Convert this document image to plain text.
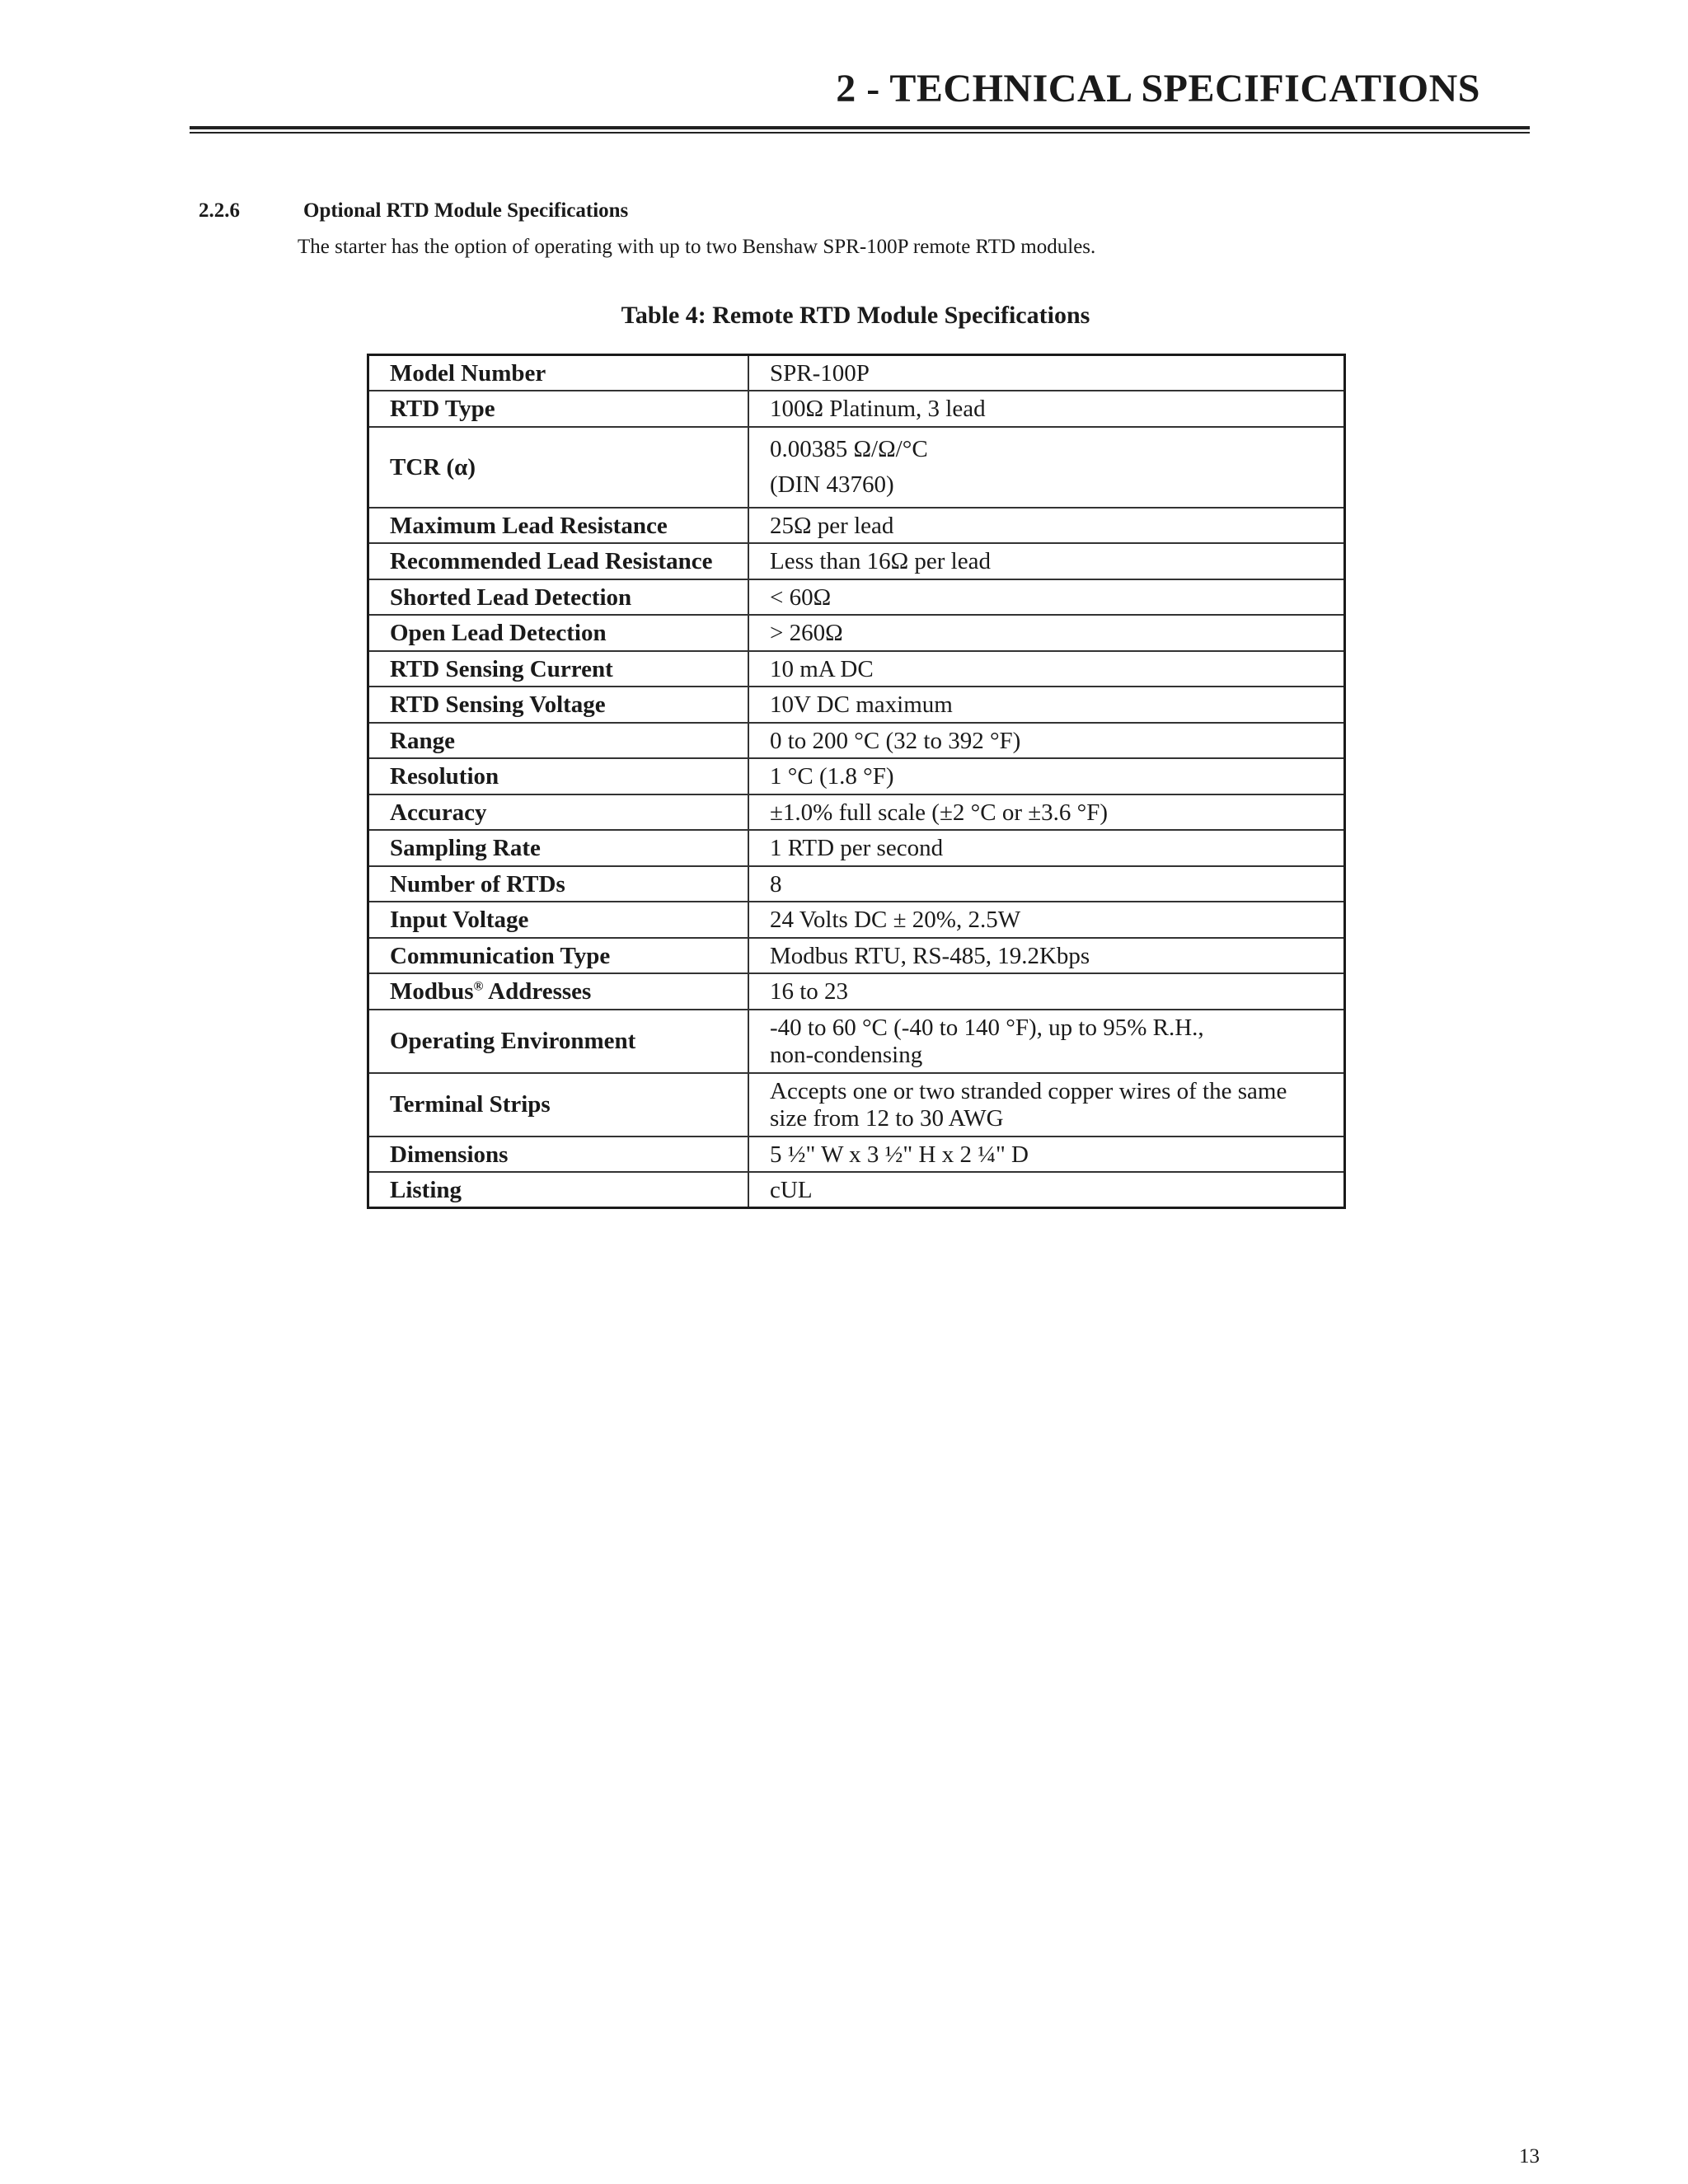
2 - TECHNICAL SPECIFICATIONS
2.2.6	Optional RTD Module Specifications

The starter has the option of operating with up to two Benshaw SPR-100P remote RTD modules.

Table 4: Remote RTD Module Specifications
Model Number	SPR-100P
RTD Type	100Ω Platinum, 3 lead
TCR (α)	0.00385 Ω/Ω/°C
(DIN 43760)

Maximum Lead Resistance	25Ω per lead
Recommended Lead Resistance	Less than 16Ω per lead
Shorted Lead Detection	< 60Ω
Open Lead Detection	> 260Ω
RTD Sensing Current	10 mA DC
RTD Sensing Voltage	10V DC maximum
Range	0 to 200 °C (32 to 392 °F)
Resolution	1 °C (1.8 °F)
Accuracy	±1.0% full scale (±2 °C or ±3.6 °F)
Sampling Rate	1 RTD per second
Number of RTDs	8
Input Voltage	24 Volts DC ± 20%, 2.5W
Communication Type	Modbus RTU, RS-485, 19.2Kbps
Modbus® Addresses	16 to 23
Operating Environment	-40 to 60 °C (-40 to 140 °F), up to 95% R.H.,
non-condensing

Terminal Strips	Accepts one or two stranded copper wires of the same
size from 12 to 30 AWG

Dimensions	5 ½" W x 3 ½" H x 2 ¼" D
Listing	cUL
13
